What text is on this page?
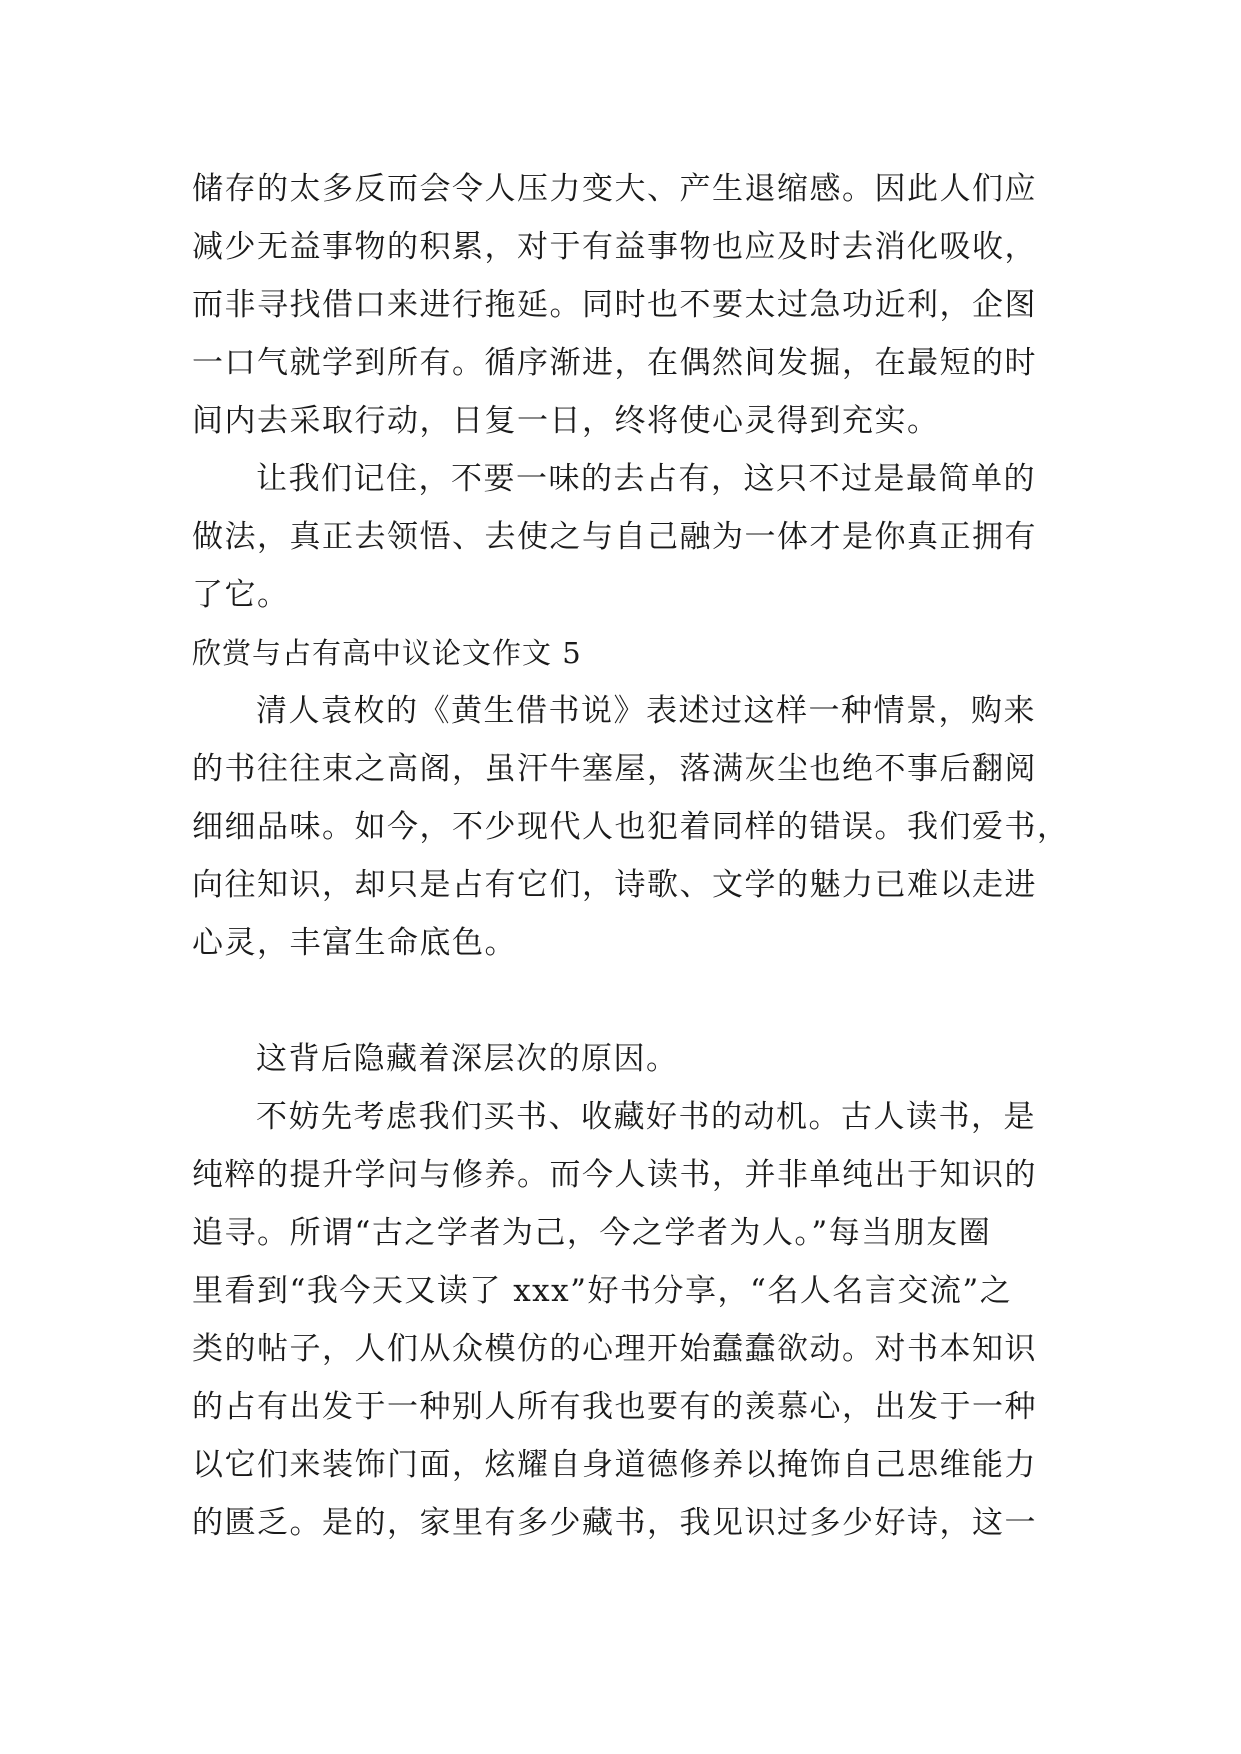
储存的太多反而会令人压力变大、产生退缩感。因此人们应
减少无益事物的积累，对于有益事物也应及时去消化吸收，
而非寻找借口来进行拖延。同时也不要太过急功近利，企图
一口气就学到所有。循序渐进，在偶然间发掘，在最短的时
间内去采取行动，日复一日，终将使心灵得到充实。
让我们记住，不要一味的去占有，这只不过是最简单的
做法，真正去领悟、去使之与自己融为一体才是你真正拥有
了它。
欣赏与占有高中议论文作文 5
清人袁枚的《黄生借书说》表述过这样一种情景，购来
的书往往束之高阁，虽汗牛塞屋，落满灰尘也绝不事后翻阅
细细品味。如今，不少现代人也犯着同样的错误。我们爱书，
向往知识，却只是占有它们，诗歌、文学的魅力已难以走进
心灵，丰富生命底色。
这背后隐藏着深层次的原因。
不妨先考虑我们买书、收藏好书的动机。古人读书，是
纯粹的提升学问与修养。而今人读书，并非单纯出于知识的
追寻。所谓“古之学者为己，今之学者为人。”每当朋友圈
里看到“我今天又读了 xxx”好书分享，“名人名言交流”之
类的帖子，人们从众模仿的心理开始蠢蠢欲动。对书本知识
的占有出发于一种别人所有我也要有的羡慕心，出发于一种
以它们来装饰门面，炫耀自身道德修养以掩饰自己思维能力
的匮乏。是的，家里有多少藏书，我见识过多少好诗，这一
